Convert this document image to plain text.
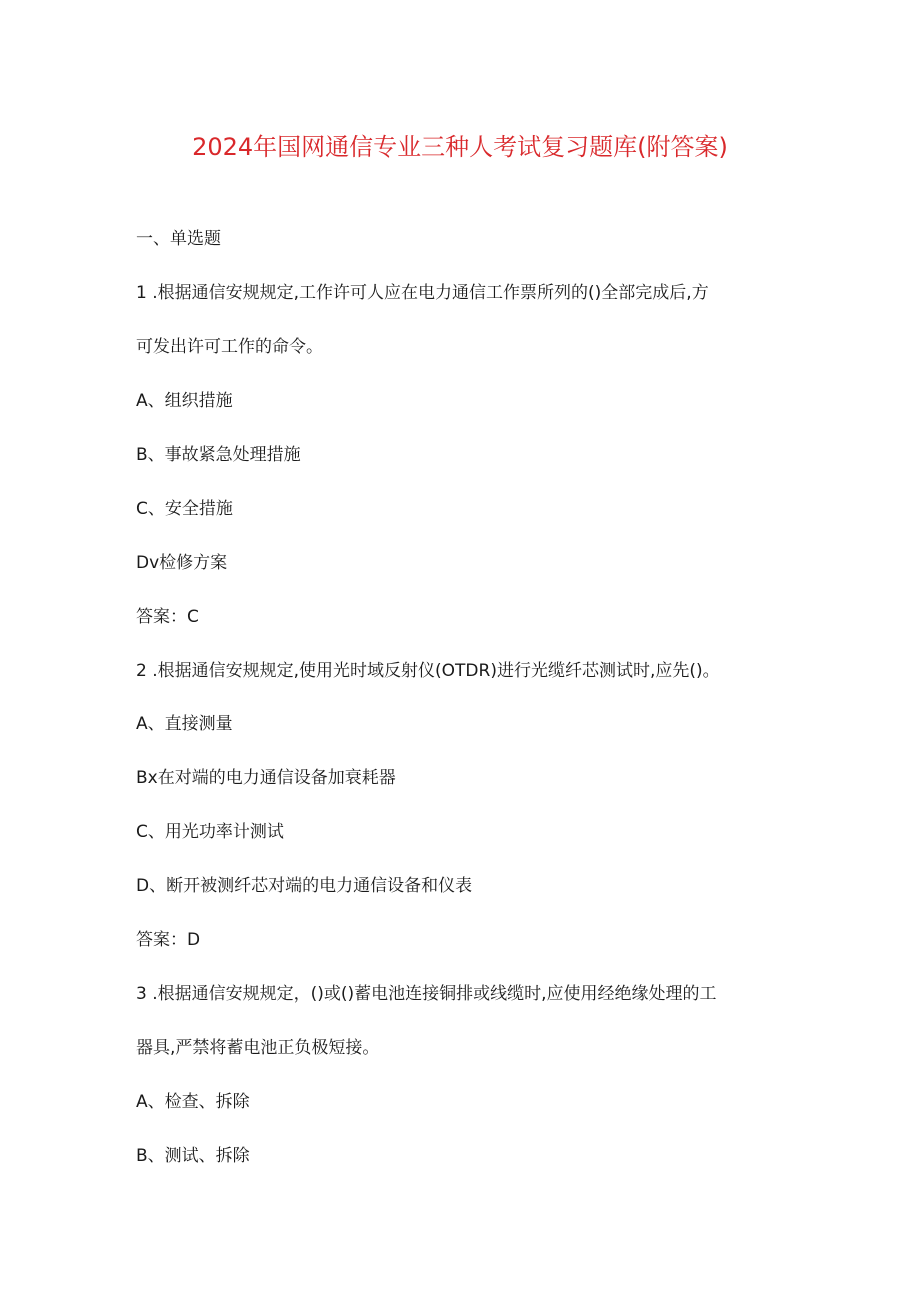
2024年国网通信专业三种人考试复习题库(附答案)
一、单选题
1 .根据通信安规规定,工作许可人应在电力通信工作票所列的()全部完成后,方
可发出许可工作的命令。
A、组织措施
B、事故紧急处理措施
C、安全措施
Dv检修方案
答案：C
2 .根据通信安规规定,使用光时域反射仪(OTDR)进行光缆纤芯测试时,应先()。
A、直接测量
Bx在对端的电力通信设备加衰耗器
C、用光功率计测试
D、断开被测纤芯对端的电力通信设备和仪表
答案：D
3 .根据通信安规规定，()或()蓄电池连接铜排或线缆时,应使用经绝缘处理的工
器具,严禁将蓄电池正负极短接。
A、检查、拆除
B、测试、拆除
